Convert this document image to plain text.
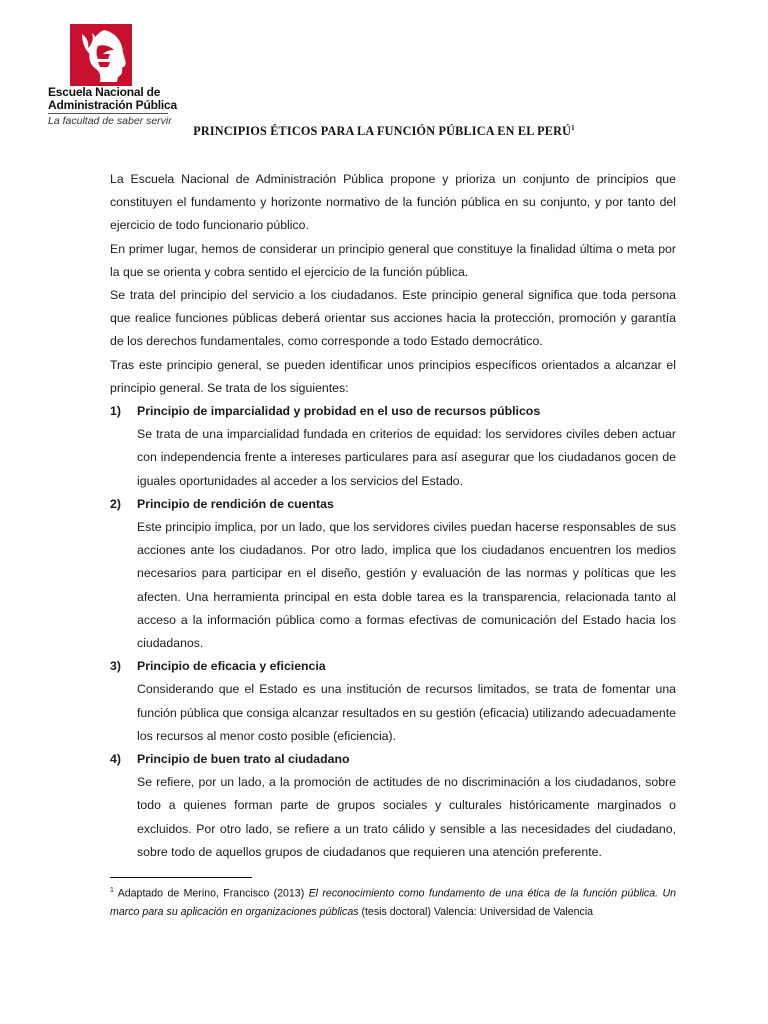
Escuela Nacional de
Administración Pública
La facultad de saber servir
PRINCIPIOS ÉTICOS PARA LA FUNCIÓN PÚBLICA EN EL PERÚ$^1$

La Escuela Nacional de Administración Pública propone y prioriza un conjunto de principios que constituyen el fundamento y horizonte normativo de la función pública en su conjunto, y por tanto del ejercicio de todo funcionario público.

En primer lugar, hemos de considerar un principio general que constituye la finalidad última o meta por la que se orienta y cobra sentido el ejercicio de la función pública.

Se trata del principio del servicio a los ciudadanos. Este principio general significa que toda persona que realice funciones públicas deberá orientar sus acciones hacia la protección, promoción y garantía de los derechos fundamentales, como corresponde a todo Estado democrático.

Tras este principio general, se pueden identificar unos principios específicos orientados a alcanzar el principio general. Se trata de los siguientes:

1)	Principio de imparcialidad y probidad en el uso de recursos públicos

Se trata de una imparcialidad fundada en criterios de equidad: los servidores civiles deben actuar con independencia frente a intereses particulares para así asegurar que los ciudadanos gocen de iguales oportunidades al acceder a los servicios del Estado.

2)	Principio de rendición de cuentas

Este principio implica, por un lado, que los servidores civiles puedan hacerse responsables de sus acciones ante los ciudadanos. Por otro lado, implica que los ciudadanos encuentren los medios necesarios para participar en el diseño, gestión y evaluación de las normas y políticas que les afecten. Una herramienta principal en esta doble tarea es la transparencia, relacionada tanto al acceso a la información pública como a formas efectivas de comunicación del Estado hacia los ciudadanos.

3)	Principio de eficacia y eficiencia

Considerando que el Estado es una institución de recursos limitados, se trata de fomentar una función pública que consiga alcanzar resultados en su gestión (eficacia) utilizando adecuadamente los recursos al menor costo posible (eficiencia).

4)	Principio de buen trato al ciudadano

Se refiere, por un lado, a la promoción de actitudes de no discriminación a los ciudadanos, sobre todo a quienes forman parte de grupos sociales y culturales históricamente marginados o excluidos. Por otro lado, se refiere a un trato cálido y sensible a las necesidades del ciudadano, sobre todo de aquellos grupos de ciudadanos que requieren una atención preferente.

$^1$ Adaptado de Merino, Francisco (2013) El reconocimiento como fundamento de una ética de la función pública. Un marco para su aplicación en organizaciones públicas (tesis doctoral) Valencia: Universidad de Valencia
